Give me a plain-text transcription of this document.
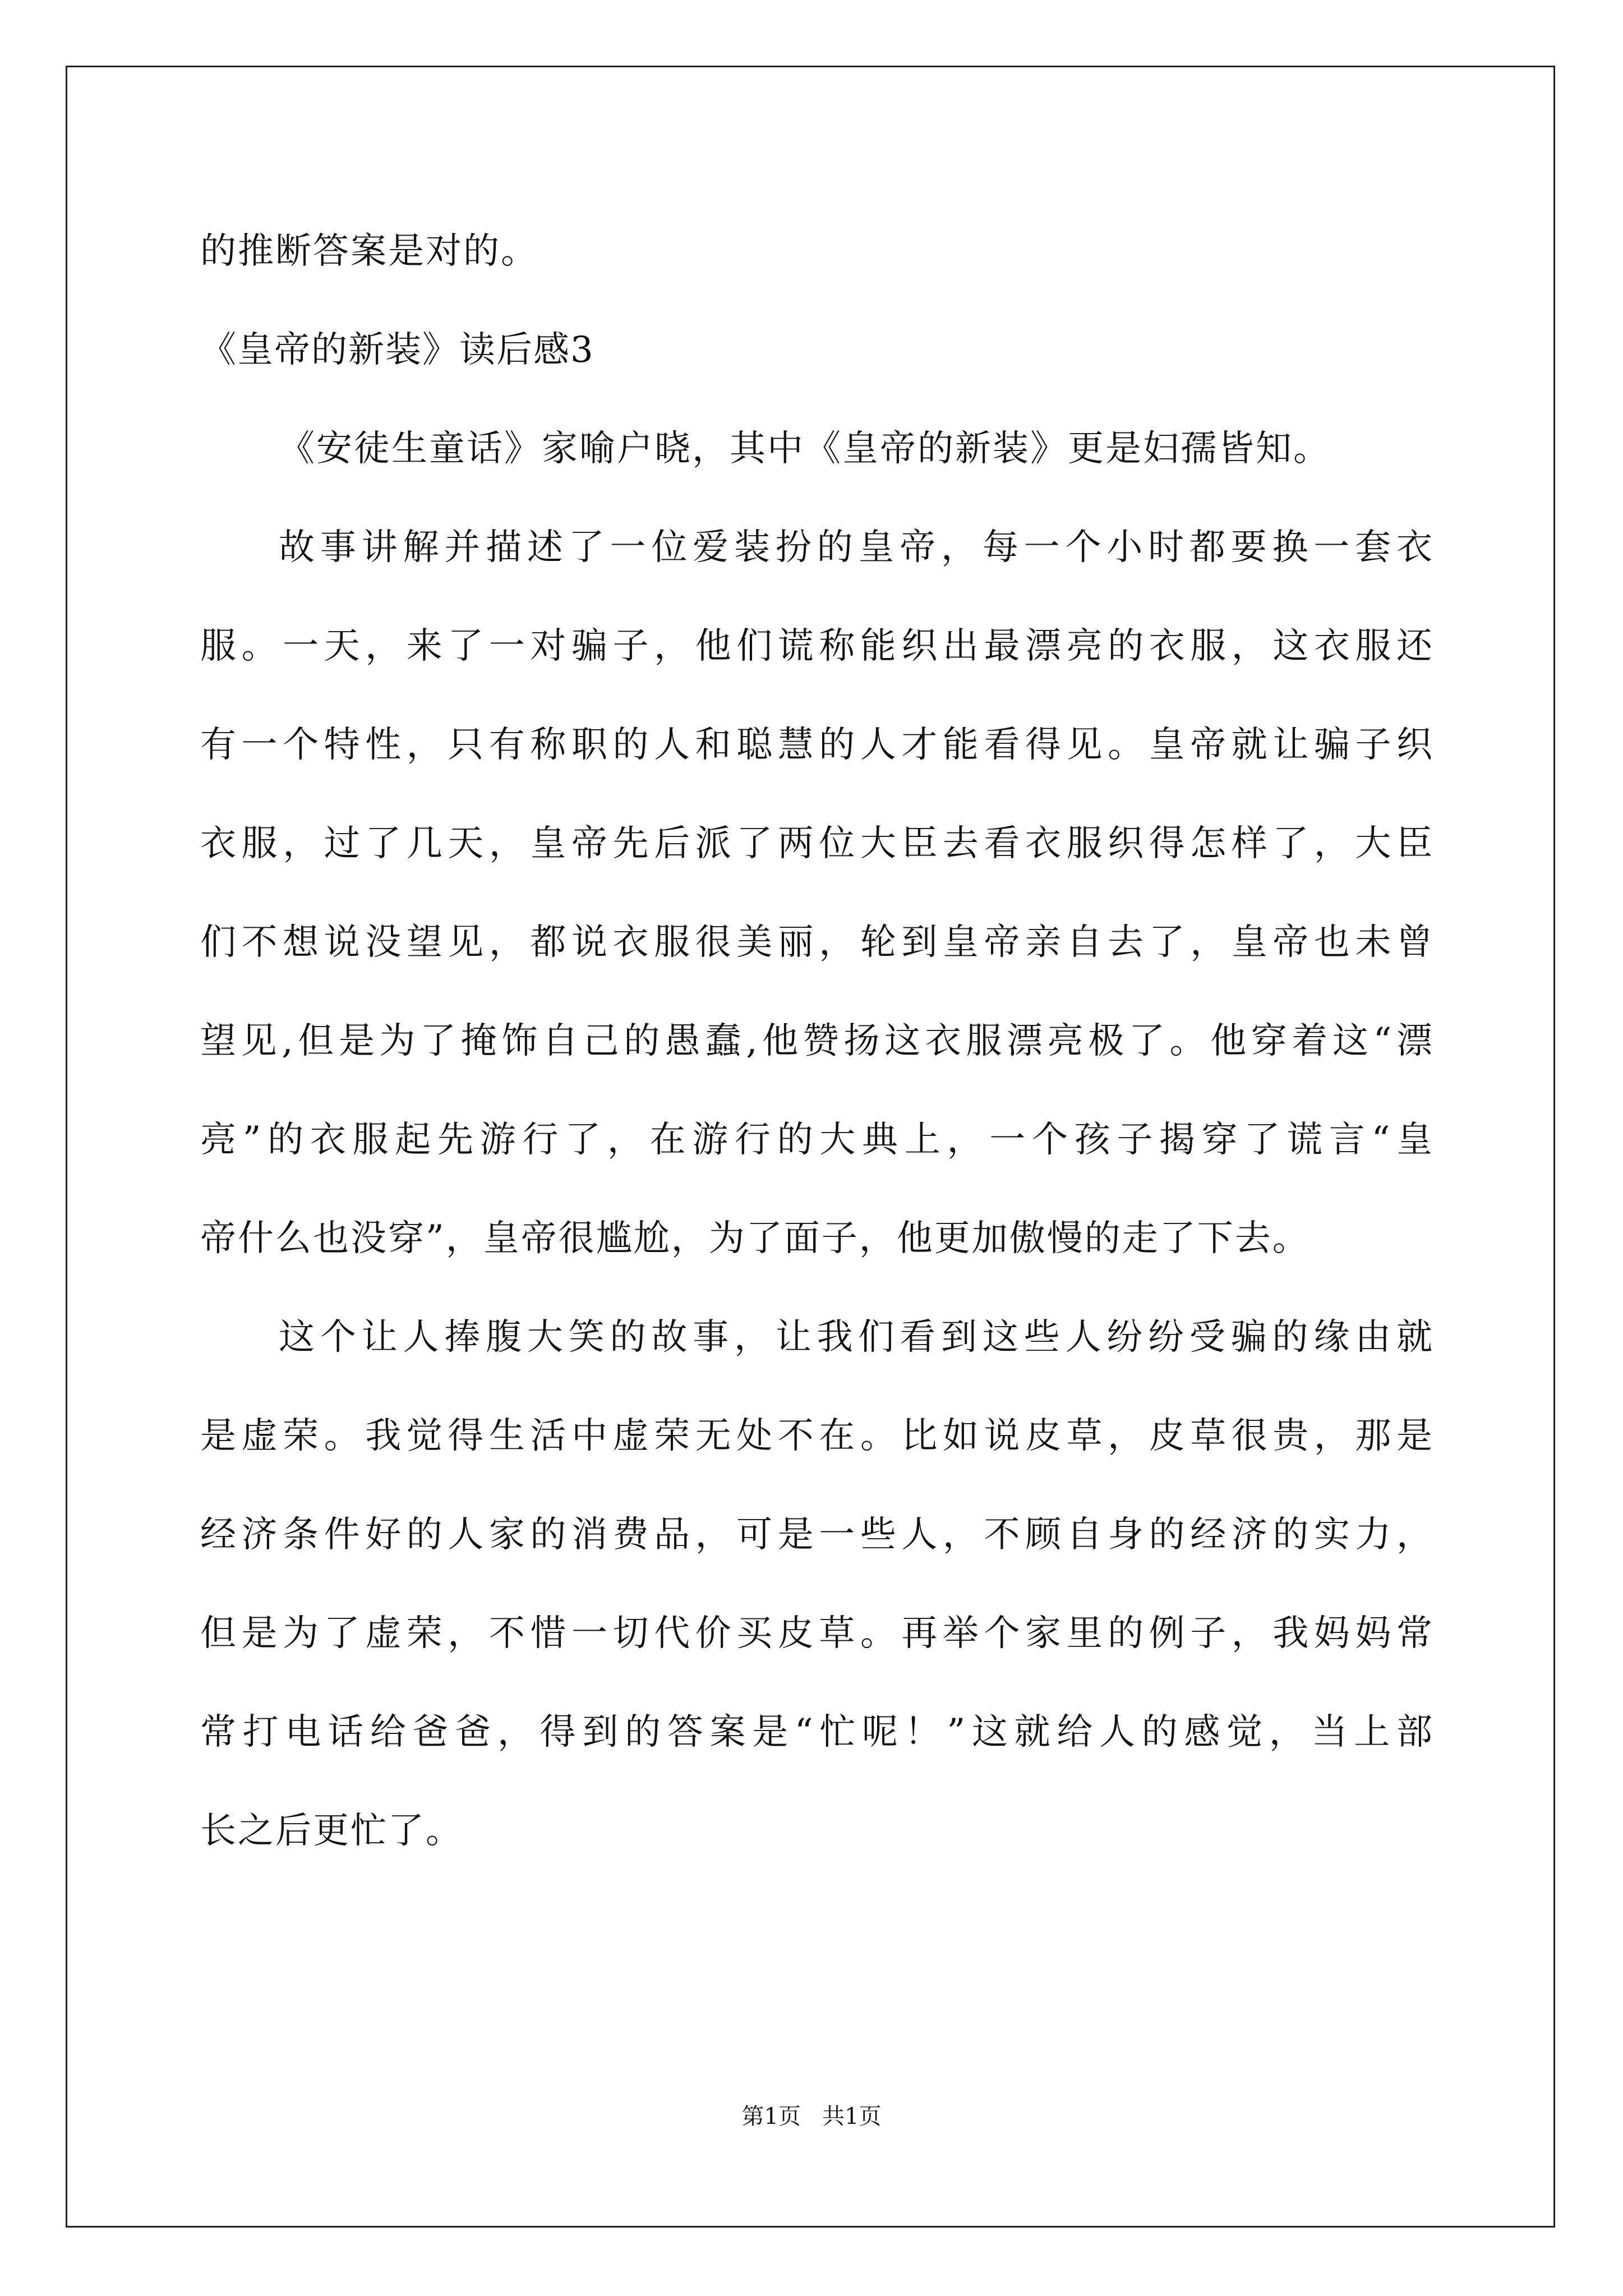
的推断答案是对的。
《皇帝的新装》读后感3
《安徒生童话》家喻户晓，其中《皇帝的新装》更是妇孺皆知。
故事讲解并描述了一位爱装扮的皇帝，每一个小时都要换一套衣
服。一天，来了一对骗子，他们谎称能织出最漂亮的衣服，这衣服还
有一个特性，只有称职的人和聪慧的人才能看得见。皇帝就让骗子织
衣服，过了几天，皇帝先后派了两位大臣去看衣服织得怎样了，大臣
们不想说没望见，都说衣服很美丽，轮到皇帝亲自去了，皇帝也未曾
望见,但是为了掩饰自己的愚蠢,他赞扬这衣服漂亮极了。他穿着这“漂
亮”的衣服起先游行了，在游行的大典上，一个孩子揭穿了谎言“皇
帝什么也没穿”，皇帝很尴尬，为了面子，他更加傲慢的走了下去。
这个让人捧腹大笑的故事，让我们看到这些人纷纷受骗的缘由就
是虚荣。我觉得生活中虚荣无处不在。比如说皮草，皮草很贵，那是
经济条件好的人家的消费品，可是一些人，不顾自身的经济的实力，
但是为了虚荣，不惜一切代价买皮草。再举个家里的例子，我妈妈常
常打电话给爸爸，得到的答案是“忙呢！”这就给人的感觉，当上部
长之后更忙了。
第1页   共1页
